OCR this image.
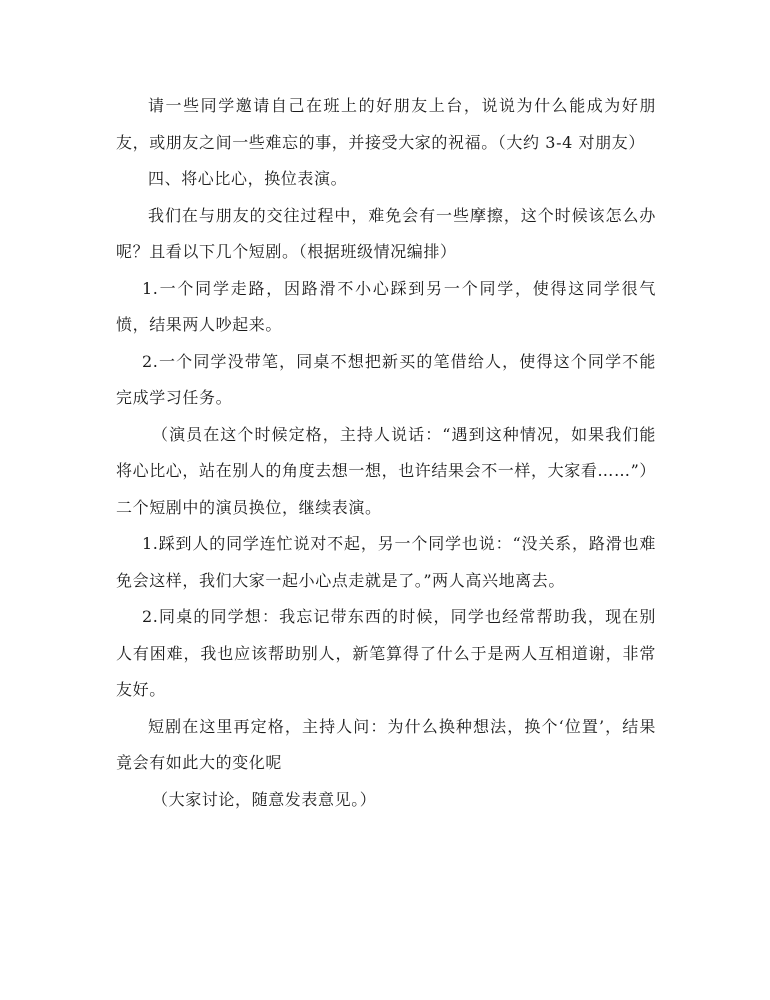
请一些同学邀请自己在班上的好朋友上台，说说为什么能成为好朋友，或朋友之间一些难忘的事，并接受大家的祝福。（大约 3-4 对朋友）

四、将心比心，换位表演。

我们在与朋友的交往过程中，难免会有一些摩擦，这个时候该怎么办呢？且看以下几个短剧。（根据班级情况编排）

1.一个同学走路，因路滑不小心踩到另一个同学，使得这同学很气愤，结果两人吵起来。

2.一个同学没带笔，同桌不想把新买的笔借给人，使得这个同学不能完成学习任务。

（演员在这个时候定格，主持人说话：“遇到这种情况，如果我们能将心比心，站在别人的角度去想一想，也许结果会不一样，大家看……”）二个短剧中的演员换位，继续表演。

1.踩到人的同学连忙说对不起，另一个同学也说：“没关系，路滑也难免会这样，我们大家一起小心点走就是了。”两人高兴地离去。

2.同桌的同学想：我忘记带东西的时候，同学也经常帮助我，现在别人有困难，我也应该帮助别人，新笔算得了什么于是两人互相道谢，非常友好。

短剧在这里再定格，主持人问：为什么换种想法，换个‘位置’，结果竟会有如此大的变化呢

（大家讨论，随意发表意见。）
